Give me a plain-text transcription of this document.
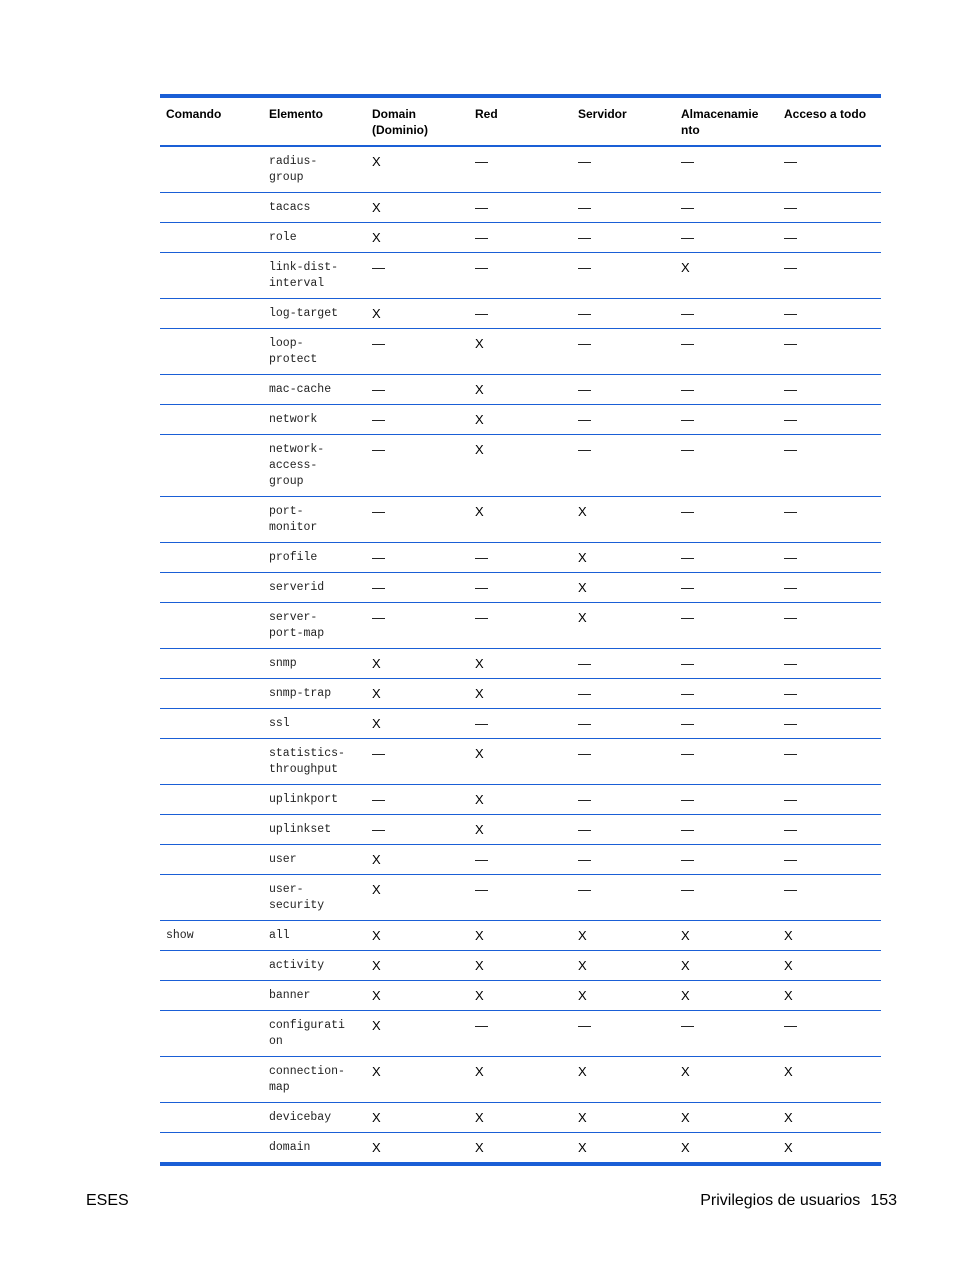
Comando	Elemento	Domain
(Dominio)	Red	Servidor	Almacenamie
nto	Acceso a todo
	radius-
group	X	—	—	—	—
	tacacs	X	—	—	—	—
	role	X	—	—	—	—
	link-dist-
interval	—	—	—	X	—
	log-target	X	—	—	—	—
	loop-
protect	—	X	—	—	—
	mac-cache	—	X	—	—	—
	network	—	X	—	—	—
	network-
access-
group	—	X	—	—	—
	port-
monitor	—	X	X	—	—
	profile	—	—	X	—	—
	serverid	—	—	X	—	—
	server-
port-map	—	—	X	—	—
	snmp	X	X	—	—	—
	snmp-trap	X	X	—	—	—
	ssl	X	—	—	—	—
	statistics-
throughput	—	X	—	—	—
	uplinkport	—	X	—	—	—
	uplinkset	—	X	—	—	—
	user	X	—	—	—	—
	user-
security	X	—	—	—	—
show	all	X	X	X	X	X
	activity	X	X	X	X	X
	banner	X	X	X	X	X
	configurati
on	X	—	—	—	—
	connection-
map	X	X	X	X	X
	devicebay	X	X	X	X	X
	domain	X	X	X	X	X
ESES	Privilegios de usuarios 153
